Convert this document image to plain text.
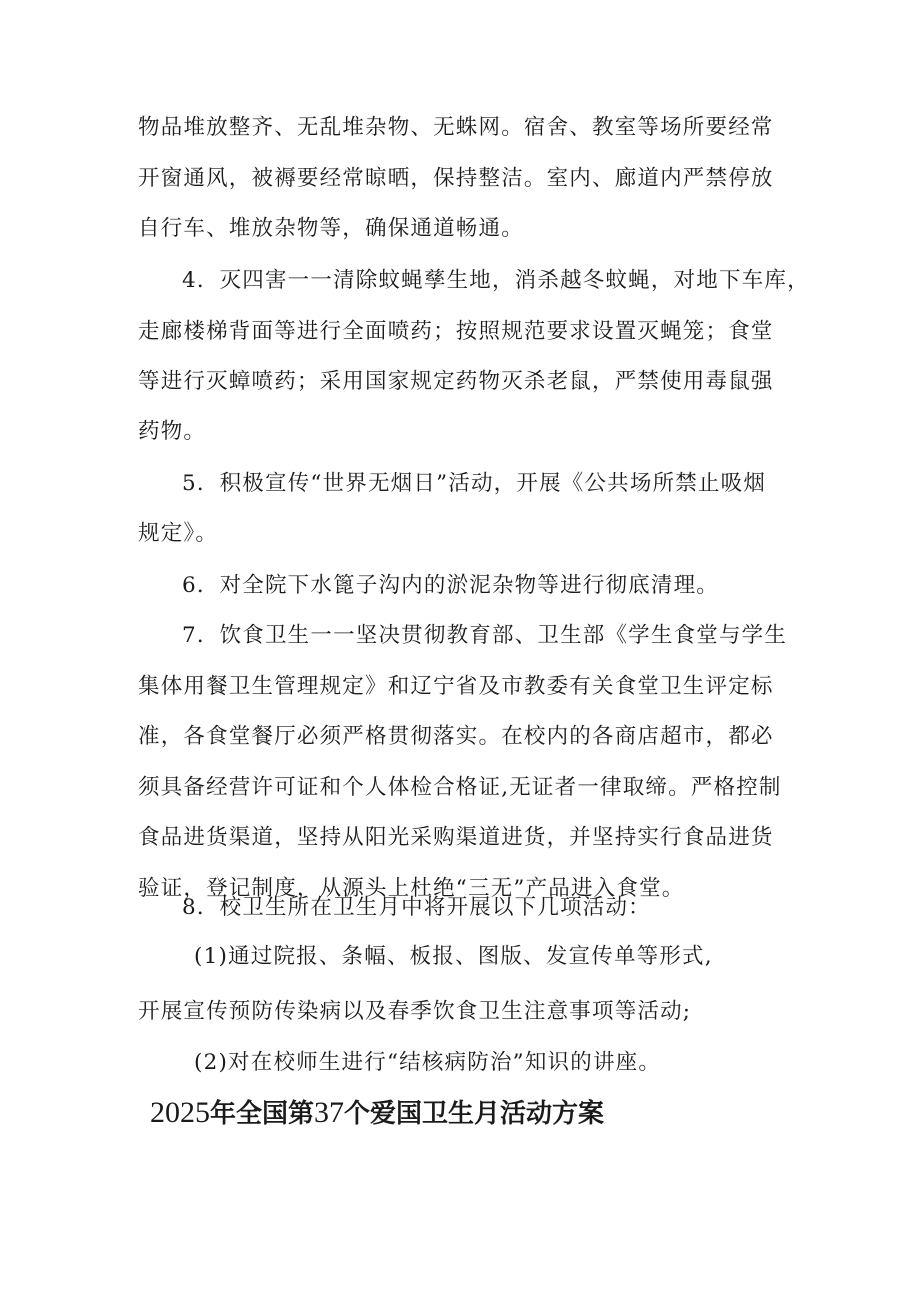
物品堆放整齐、无乱堆杂物、无蛛网。宿舍、教室等场所要经常
开窗通风，被褥要经常晾晒，保持整洁。室内、廊道内严禁停放
自行车、堆放杂物等，确保通道畅通。
4．灭四害一一清除蚊蝇孳生地，消杀越冬蚊蝇，对地下车库，
走廊楼梯背面等进行全面喷药；按照规范要求设置灭蝇笼；食堂
等进行灭蟑喷药；采用国家规定药物灭杀老鼠，严禁使用毒鼠强
药物。
5．积极宣传“世界无烟日”活动，开展《公共场所禁止吸烟
规定》。
6．对全院下水篦子沟内的淤泥杂物等进行彻底清理。
7．饮食卫生一一坚决贯彻教育部、卫生部《学生食堂与学生
集体用餐卫生管理规定》和辽宁省及市教委有关食堂卫生评定标
准，各食堂餐厅必须严格贯彻落实。在校内的各商店超市，都必
须具备经营许可证和个人体检合格证,无证者一律取缔。严格控制
食品进货渠道，坚持从阳光采购渠道进货，并坚持实行食品进货
验证，登记制度，从源头上杜绝“三无”产品进入食堂。
8．校卫生所在卫生月中将开展以下几项活动：
(1)通过院报、条幅、板报、图版、发宣传单等形式,
开展宣传预防传染病以及春季饮食卫生注意事项等活动;
(2)对在校师生进行“结核病防治”知识的讲座。
2025年全国第37个爱国卫生月活动方案
